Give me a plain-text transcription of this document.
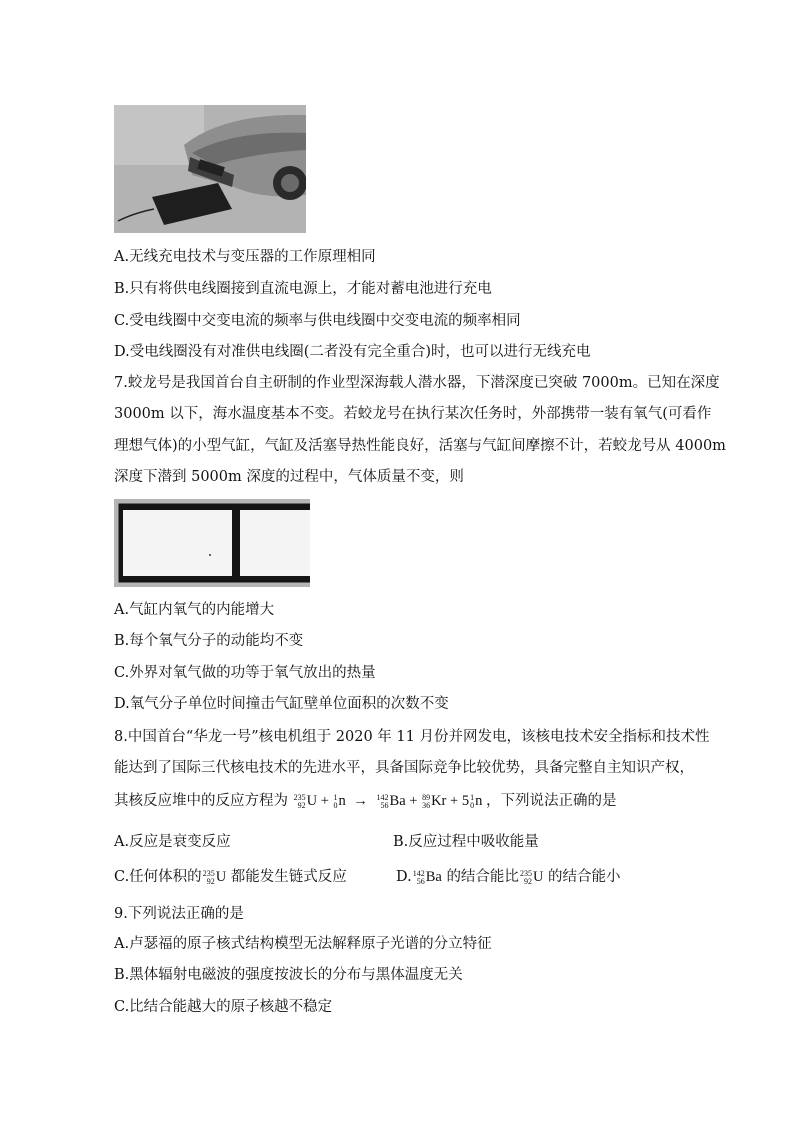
A.无线充电技术与变压器的工作原理相同
B.只有将供电线圈接到直流电源上，才能对蓄电池进行充电
C.受电线圈中交变电流的频率与供电线圈中交变电流的频率相同
D.受电线圈没有对准供电线圈(二者没有完全重合)时，也可以进行无线充电
7.蛟龙号是我国首台自主研制的作业型深海载人潜水器，下潜深度已突破 7000m。已知在深度
3000m 以下，海水温度基本不变。若蛟龙号在执行某次任务时，外部携带一装有氧气(可看作
理想气体)的小型气缸，气缸及活塞导热性能良好，活塞与气缸间摩擦不计，若蛟龙号从 4000m
深度下潜到 5000m 深度的过程中，气体质量不变，则
A.气缸内氧气的内能增大
B.每个氧气分子的动能均不变
C.外界对氧气做的功等于氧气放出的热量
D.氧气分子单位时间撞击气缸壁单位面积的次数不变
8.中国首台“华龙一号”核电机组于 2020 年 11 月份并网发电，该核电技术安全指标和技术性
能达到了国际三代核电技术的先进水平，具备国际竞争比较优势，具备完整自主知识产权，
其核反应堆中的反应方程为 235
92 U + 1
0 n → 142
56 Ba + 89
36 Kr + 5 1
0 n ，下列说法正确的是
A.反应是衰变反应	B.反应过程中吸收能量
C.任何体积的 235
92 U 都能发生链式反应	D. 142
56 Ba 的结合能比 235
92 U 的结合能小
9.下列说法正确的是
A.卢瑟福的原子核式结构模型无法解释原子光谱的分立特征
B.黑体辐射电磁波的强度按波长的分布与黑体温度无关
C.比结合能越大的原子核越不稳定
